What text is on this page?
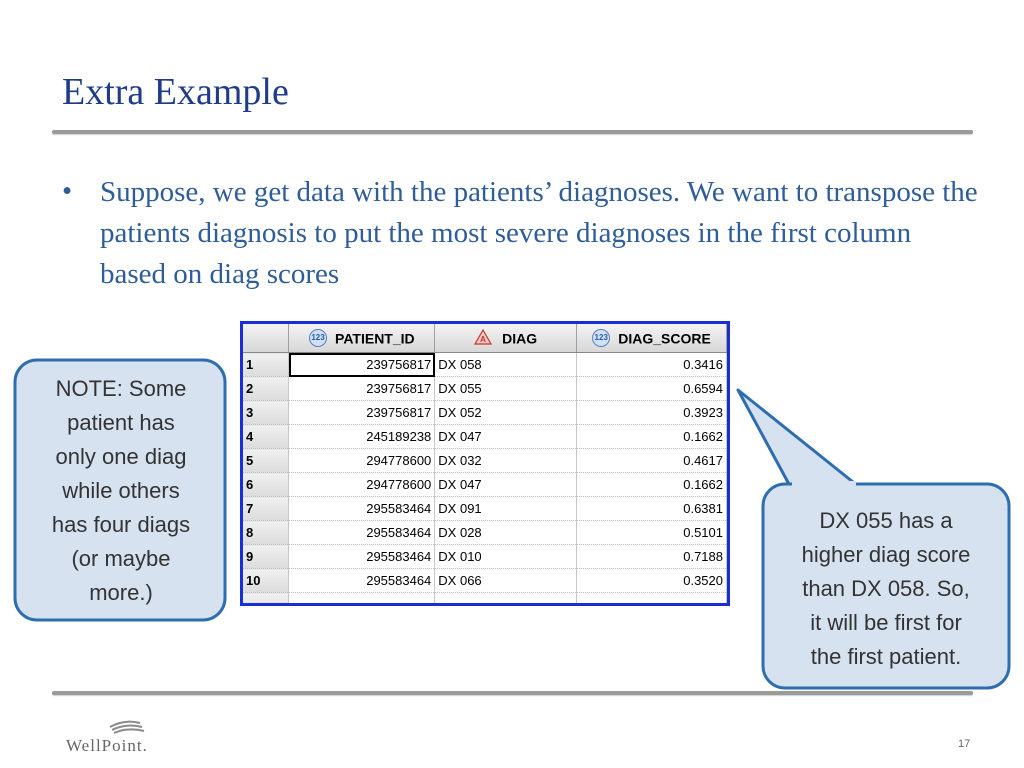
Extra Example
• Suppose, we get data with the patients’ diagnoses. We want to transpose the patients diagnosis to put the most severe diagnoses in the first column based on diag scores
	123 PATIENT_ID	A DIAG	123 DIAG_SCORE
1	239756817	DX 058	0.3416
2	239756817	DX 055	0.6594
3	239756817	DX 052	0.3923
4	245189238	DX 047	0.1662
5	294778600	DX 032	0.4617
6	294778600	DX 047	0.1662
7	295583464	DX 091	0.6381
8	295583464	DX 028	0.5101
9	295583464	DX 010	0.7188
10	295583464	DX 066	0.3520

NOTE: Some
patient has
only one diag
while others
has four diags
(or maybe
more.)
DX 055 has a
higher diag score
than DX 058. So,
it will be first for
the first patient.
WellPoint.	17
